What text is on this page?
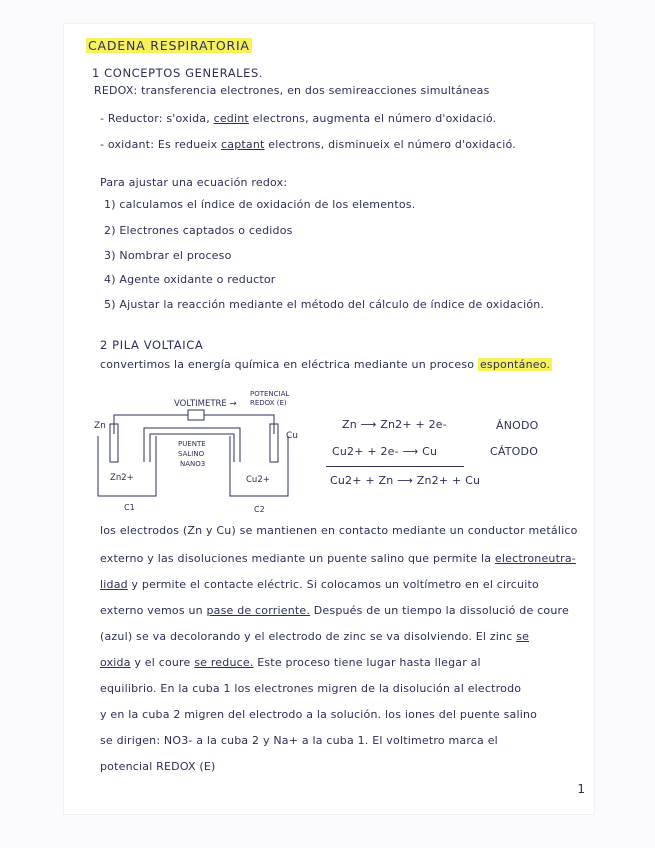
CADENA RESPIRATORIA
1 CONCEPTOS GENERALES.
REDOX: transferencia electrones, en dos semireacciones simultáneas
- Reductor: s'oxida, cedint electrons, augmenta el número d'oxidació.
- oxidant: Es redueix captant electrons, disminueix el número d'oxidació.
Para ajustar una ecuación redox:
1) calculamos el índice de oxidación de los elementos.
2) Electrones captados o cedidos
3) Nombrar el proceso
4) Agente oxidante o reductor
5) Ajustar la reacción mediante el método del cálculo de índice de oxidación.
2 PILA VOLTAICA
convertimos la energía química en eléctrica mediante un proceso espontáneo.
VOLTIMETRE →
POTENCIAL
REDOX (E)
Zn
Cu
PUENTE
SALINO
NANO3
Zn2+	Cu2+
C1	C2
Zn ⟶ Zn2+ + 2e-	ÁNODO
Cu2+ + 2e- ⟶ Cu	CÁTODO
Cu2+ + Zn ⟶ Zn2+ + Cu
los electrodos (Zn y Cu) se mantienen en contacto mediante un conductor metálico
externo y las disoluciones mediante un puente salino que permite la electroneutra-
lidad y permite el contacte eléctric. Si colocamos un voltímetro en el circuito
externo vemos un pase de corriente. Después de un tiempo la dissolució de coure
(azul) se va decolorando y el electrodo de zinc se va disolviendo. El zinc se
oxida y el coure se reduce. Este proceso tiene lugar hasta llegar al
equilibrio. En la cuba 1 los electrones migren de la disolución al electrodo
y en la cuba 2 migren del electrodo a la solución. los iones del puente salino
se dirigen: NO3- a la cuba 2 y Na+ a la cuba 1. El voltimetro marca el
potencial REDOX (E)
1
